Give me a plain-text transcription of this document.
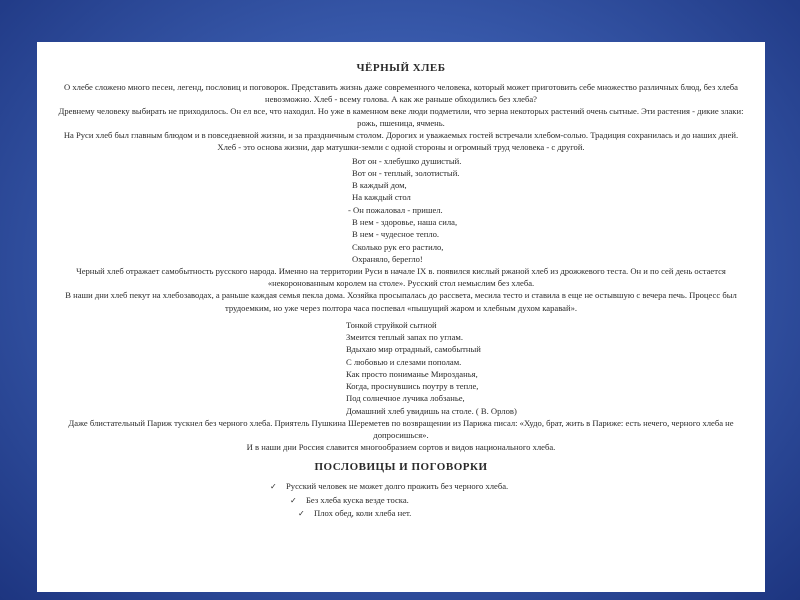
ЧЁРНЫЙ ХЛЕБ

О хлебе сложено много песен, легенд, пословиц и поговорок. Представить жизнь даже современного человека, который может приготовить себе множество различных блюд, без хлеба невозможно. Хлеб - всему голова. А как же раньше обходились без хлеба?

Древнему человеку выбирать не приходилось. Он ел все, что находил. Но уже в каменном веке люди подметили, что зерна некоторых растений очень сытные. Эти растения - дикие злаки: рожь, пшеница, ячмень.

На Руси хлеб был главным блюдом и в повседневной жизни, и за праздничным столом. Дорогих и уважаемых гостей встречали хлебом-солью. Традиция сохранилась и до наших дней.

Хлеб - это основа жизни, дар матушки-земли с одной стороны и огромный труд человека - с другой.

Вот он - хлебушко душистый.
Вот он - теплый, золотистый.
В каждый дом,
На каждый стол
- Он пожаловал - пришел.
В нем - здоровье, наша сила,
В нем - чудесное тепло.
Сколько рук его растило,
Охраняло, берегло!

Черный хлеб отражает самобытность русского народа. Именно на территории Руси в начале IX в. появился кислый ржаной хлеб из дрожжевого теста. Он и по сей день остается «некоронованным королем на столе». Русский стол немыслим без хлеба.

В наши дни хлеб пекут на хлебозаводах, а раньше каждая семья пекла дома. Хозяйка просыпалась до рассвета, месила тесто и ставила в еще не остывшую с вечера печь. Процесс был трудоемким, но уже через полтора часа поспевал «пышущий жаром и хлебным духом каравай».

Тонкой струйкой сытной
Змеится теплый запах по углам.
Вдыхаю мир отрадный, самобытный
С любовью и слезами пополам.
Как просто пониманье Мирозданья,
Когда, проснувшись поутру в тепле,
Под солнечное лучика лобзанье,
Домашний хлеб увидишь на столе. ( В. Орлов)

Даже блистательный Париж тускнел без черного хлеба. Приятель Пушкина Шереметев по возвращении из Парижа писал: «Худо, брат, жить в Париже: есть нечего, черного хлеба не допросишься».

И в наши дни Россия славится многообразием сортов и видов национального хлеба.

ПОСЛОВИЦЫ И ПОГОВОРКИ
✓ Русский человек не может долго прожить без черного хлеба.
✓ Без хлеба куска везде тоска.
✓ Плох обед, коли хлеба нет.
